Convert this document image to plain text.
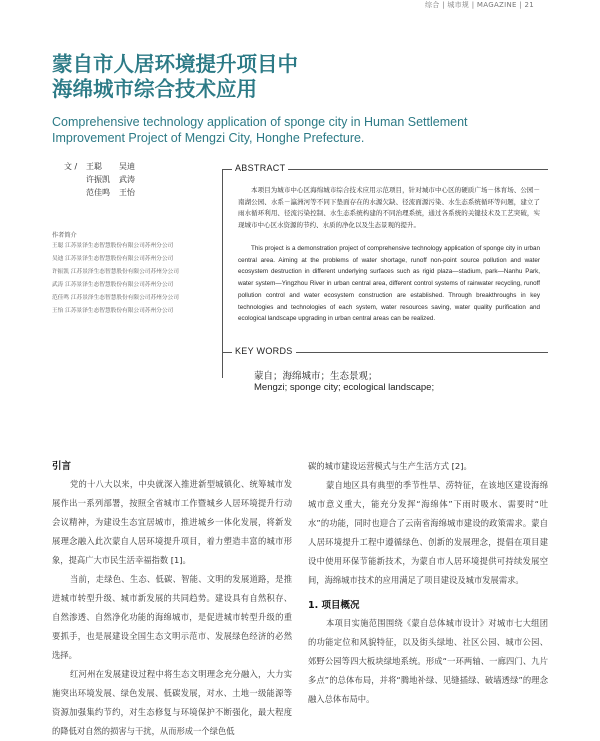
综合 | 城市规 | MAGAZINE | 21
蒙自市人居环境提升项目中
海绵城市综合技术应用
Comprehensive technology application of sponge city in Human Settlement
Improvement Project of Mengzi City, Honghe Prefecture.
文 /	王聪	吴迪
许振凯	武涛
范佳鸣	王怡
作者简介
王聪 江苏景泽生态智慧股份有限公司苏州分公司
吴迪 江苏景泽生态智慧股份有限公司苏州分公司
许振凯 江苏景泽生态智慧股份有限公司苏州分公司
武涛 江苏景泽生态智慧股份有限公司苏州分公司
范佳鸣 江苏景泽生态智慧股份有限公司苏州分公司
王怡 江苏景泽生态智慧股份有限公司苏州分公司
ABSTRACT
本项目为城市中心区海绵城市综合技术应用示范项目，针对城市中心区的硬质广场－体育场、公园－南湖公园、水系－瀛洲河等不同下垫面存在的水源欠缺、径流面源污染、水生态系统循环等问题，建立了雨水循环利用、径流污染控制、水生态系统构建的不同治理系统，通过各系统的关键技术及工艺突破，实现城市中心区水资源的节约、水质的净化以及生态景观的提升。
This project is a demonstration project of comprehensive technology application of sponge city in urban central area. Aiming at the problems of water shortage, runoff non-point source pollution and water ecosystem destruction in different underlying surfaces such as rigid plaza—stadium, park—Nanhu Park, water system—Yingzhou River in urban central area, different control systems of rainwater recycling, runoff pollution control and water ecosystem construction are established. Through breakthroughs in key technologies and technologies of each system, water resources saving, water quality purification and ecological landscape upgrading in urban central areas can be realized.
KEY WORDS
蒙自；海绵城市；生态景观；
Mengzi; sponge city; ecological landscape;
引言

党的十八大以来，中央就深入推进新型城镇化、统筹城市发展作出一系列部署，按照全省城市工作暨城乡人居环境提升行动会议精神，为建设生态宜居城市，推进城乡一体化发展，将新发展理念融入此次蒙自人居环境提升项目，着力塑造丰富的城市形象，提高广大市民生活幸福指数 [1]。

当前，走绿色、生态、低碳、智能、文明的发展道路，是推进城市转型升级、城市新发展的共同趋势。建设具有自然积存、自然渗透、自然净化功能的海绵城市，是促进城市转型升级的重要抓手，也是展建设全国生态文明示范市、发展绿色经济的必然选择。

红河州在发展建设过程中将生态文明理念充分融入，大力实施突出环境发展、绿色发展、低碳发展，对水、土地一级能源等资源加强集约节约，对生态修复与环境保护不断强化，最大程度的降低对自然的损害与干扰，从而形成一个绿色低

碳的城市建设运营模式与生产生活方式 [2]。

蒙自地区具有典型的季节性旱、涝特征，在该地区建设海绵城市意义重大，能充分发挥“海绵体”下雨时吸水、需要时“吐水”的功能，同时也迎合了云南省海绵城市建设的政策需求。蒙自人居环境提升工程中遵循绿色、创新的发展理念，提倡在项目建设中使用环保节能新技术，为蒙自市人居环境提供可持续发展空间，海绵城市技术的应用满足了项目建设及城市发展需求。

1. 项目概况

本项目实施范围围绕《蒙自总体城市设计》对城市七大组团的功能定位和风貌特征，以及街头绿地、社区公园、城市公园、郊野公园等四大板块绿地系统。形成“一环两轴、一廊四门、九片多点”的总体布局，并将“腾地补绿、见缝插绿、破墙透绿”的理念融入总体布局中。
